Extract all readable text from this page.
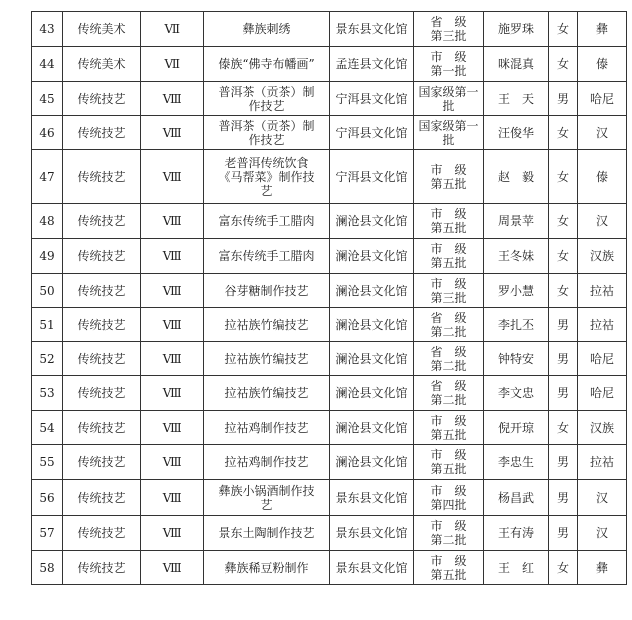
43	传统美术	Ⅶ	彝族刺绣	景东县文化馆	省　级
第三批	施罗珠	女	彝
44	传统美术	Ⅶ	傣族“佛寺布幡画”	孟连县文化馆	市　级
第一批	咪混真	女	傣
45	传统技艺	Ⅷ	普洱茶（贡茶）制
作技艺	宁洱县文化馆	国家级第一
批	王　天	男	哈尼
46	传统技艺	Ⅷ	普洱茶（贡茶）制
作技艺	宁洱县文化馆	国家级第一
批	汪俊华	女	汉
47	传统技艺	Ⅷ	老普洱传统饮食
《马帮菜》制作技
艺	宁洱县文化馆	市　级
第五批	赵　毅	女	傣
48	传统技艺	Ⅷ	富东传统手工腊肉	澜沧县文化馆	市　级
第五批	周景苹	女	汉
49	传统技艺	Ⅷ	富东传统手工腊肉	澜沧县文化馆	市　级
第五批	王冬妹	女	汉族
50	传统技艺	Ⅷ	谷芽糖制作技艺	澜沧县文化馆	市　级
第三批	罗小慧	女	拉祜
51	传统技艺	Ⅷ	拉祜族竹编技艺	澜沧县文化馆	省　级
第二批	李扎丕	男	拉祜
52	传统技艺	Ⅷ	拉祜族竹编技艺	澜沧县文化馆	省　级
第二批	钟特安	男	哈尼
53	传统技艺	Ⅷ	拉祜族竹编技艺	澜沧县文化馆	省　级
第二批	李文忠	男	哈尼
54	传统技艺	Ⅷ	拉祜鸡制作技艺	澜沧县文化馆	市　级
第五批	倪开琼	女	汉族
55	传统技艺	Ⅷ	拉祜鸡制作技艺	澜沧县文化馆	市　级
第五批	李忠生	男	拉祜
56	传统技艺	Ⅷ	彝族小锅酒制作技
艺	景东县文化馆	市　级
第四批	杨昌武	男	汉
57	传统技艺	Ⅷ	景东土陶制作技艺	景东县文化馆	市　级
第二批	王有涛	男	汉
58	传统技艺	Ⅷ	彝族稀豆粉制作	景东县文化馆	市　级
第五批	王　红	女	彝
